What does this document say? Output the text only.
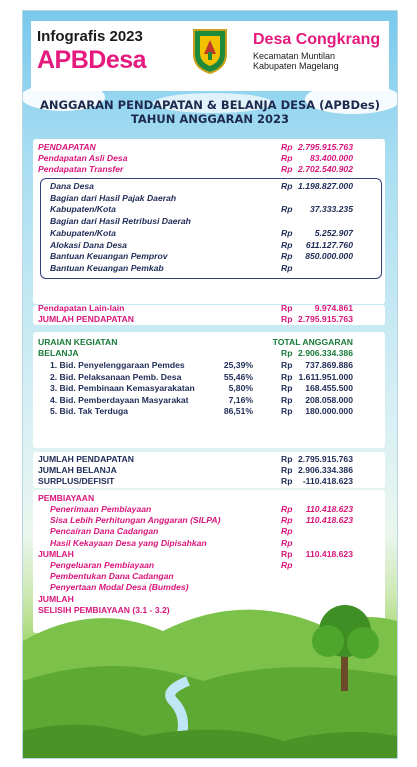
Infografis 2023
APBDesa
Desa Congkrang
Kecamatan Muntilan
Kabupaten Magelang
ANGGARAN PENDAPATAN & BELANJA DESA (APBDes)
TAHUN ANGGARAN 2023
PENDAPATAN	Rp 2.795.915.763
Pendapatan Asli Desa	Rp 83.400.000
Pendapatan Transfer	Rp 2.702.540.902
Dana Desa	Rp 1.198.827.000
Bagian dari Hasil Pajak Daerah
Kabupaten/Kota	Rp 37.333.235
Bagian dari Hasil Retribusi Daerah
Kabupaten/Kota	Rp	5.252.907
Alokasi Dana Desa	Rp 611.127.760
Bantuan Keuangan Pemprov	Rp 850.000.000
Bantuan Keuangan Pemkab	Rp
Pendapatan Lain-lain	Rp	9.974.861
JUMLAH PENDAPATAN	Rp 2.795.915.763
URAIAN KEGIATAN	TOTAL ANGGARAN
BELANJA	Rp 2.906.334.386
1. Bid. Penyelenggaraan Pemdes	25,39%	Rp 737.869.886
2. Bid. Pelaksanaan Pemb. Desa	55,46%	Rp 1.611.951.000
3. Bid. Pembinaan Kemasyarakatan	5,80%	Rp 168.455.500
4. Bid. Pemberdayaan Masyarakat	7,16%	Rp 208.058.000
5. Bid. Tak Terduga	86,51%	Rp 180.000.000
JUMLAH PENDAPATAN	Rp 2.795.915.763
JUMLAH BELANJA	Rp 2.906.334.386
SURPLUS/DEFISIT	Rp -110.418.623
PEMBIAYAAN
Penerimaan Pembiayaan	Rp 110.418.623
Sisa Lebih Perhitungan Anggaran (SILPA)	Rp 110.418.623
Pencairan Dana Cadangan	Rp
Hasil Kekayaan Desa yang Dipisahkan	Rp
JUMLAH	Rp 110.418.623
Pengeluaran Pembiayaan	Rp
Pembentukan Dana Cadangan
Penyertaan Modal Desa (Bumdes)
JUMLAH
SELISIH PEMBIAYAAN (3.1 - 3.2)
